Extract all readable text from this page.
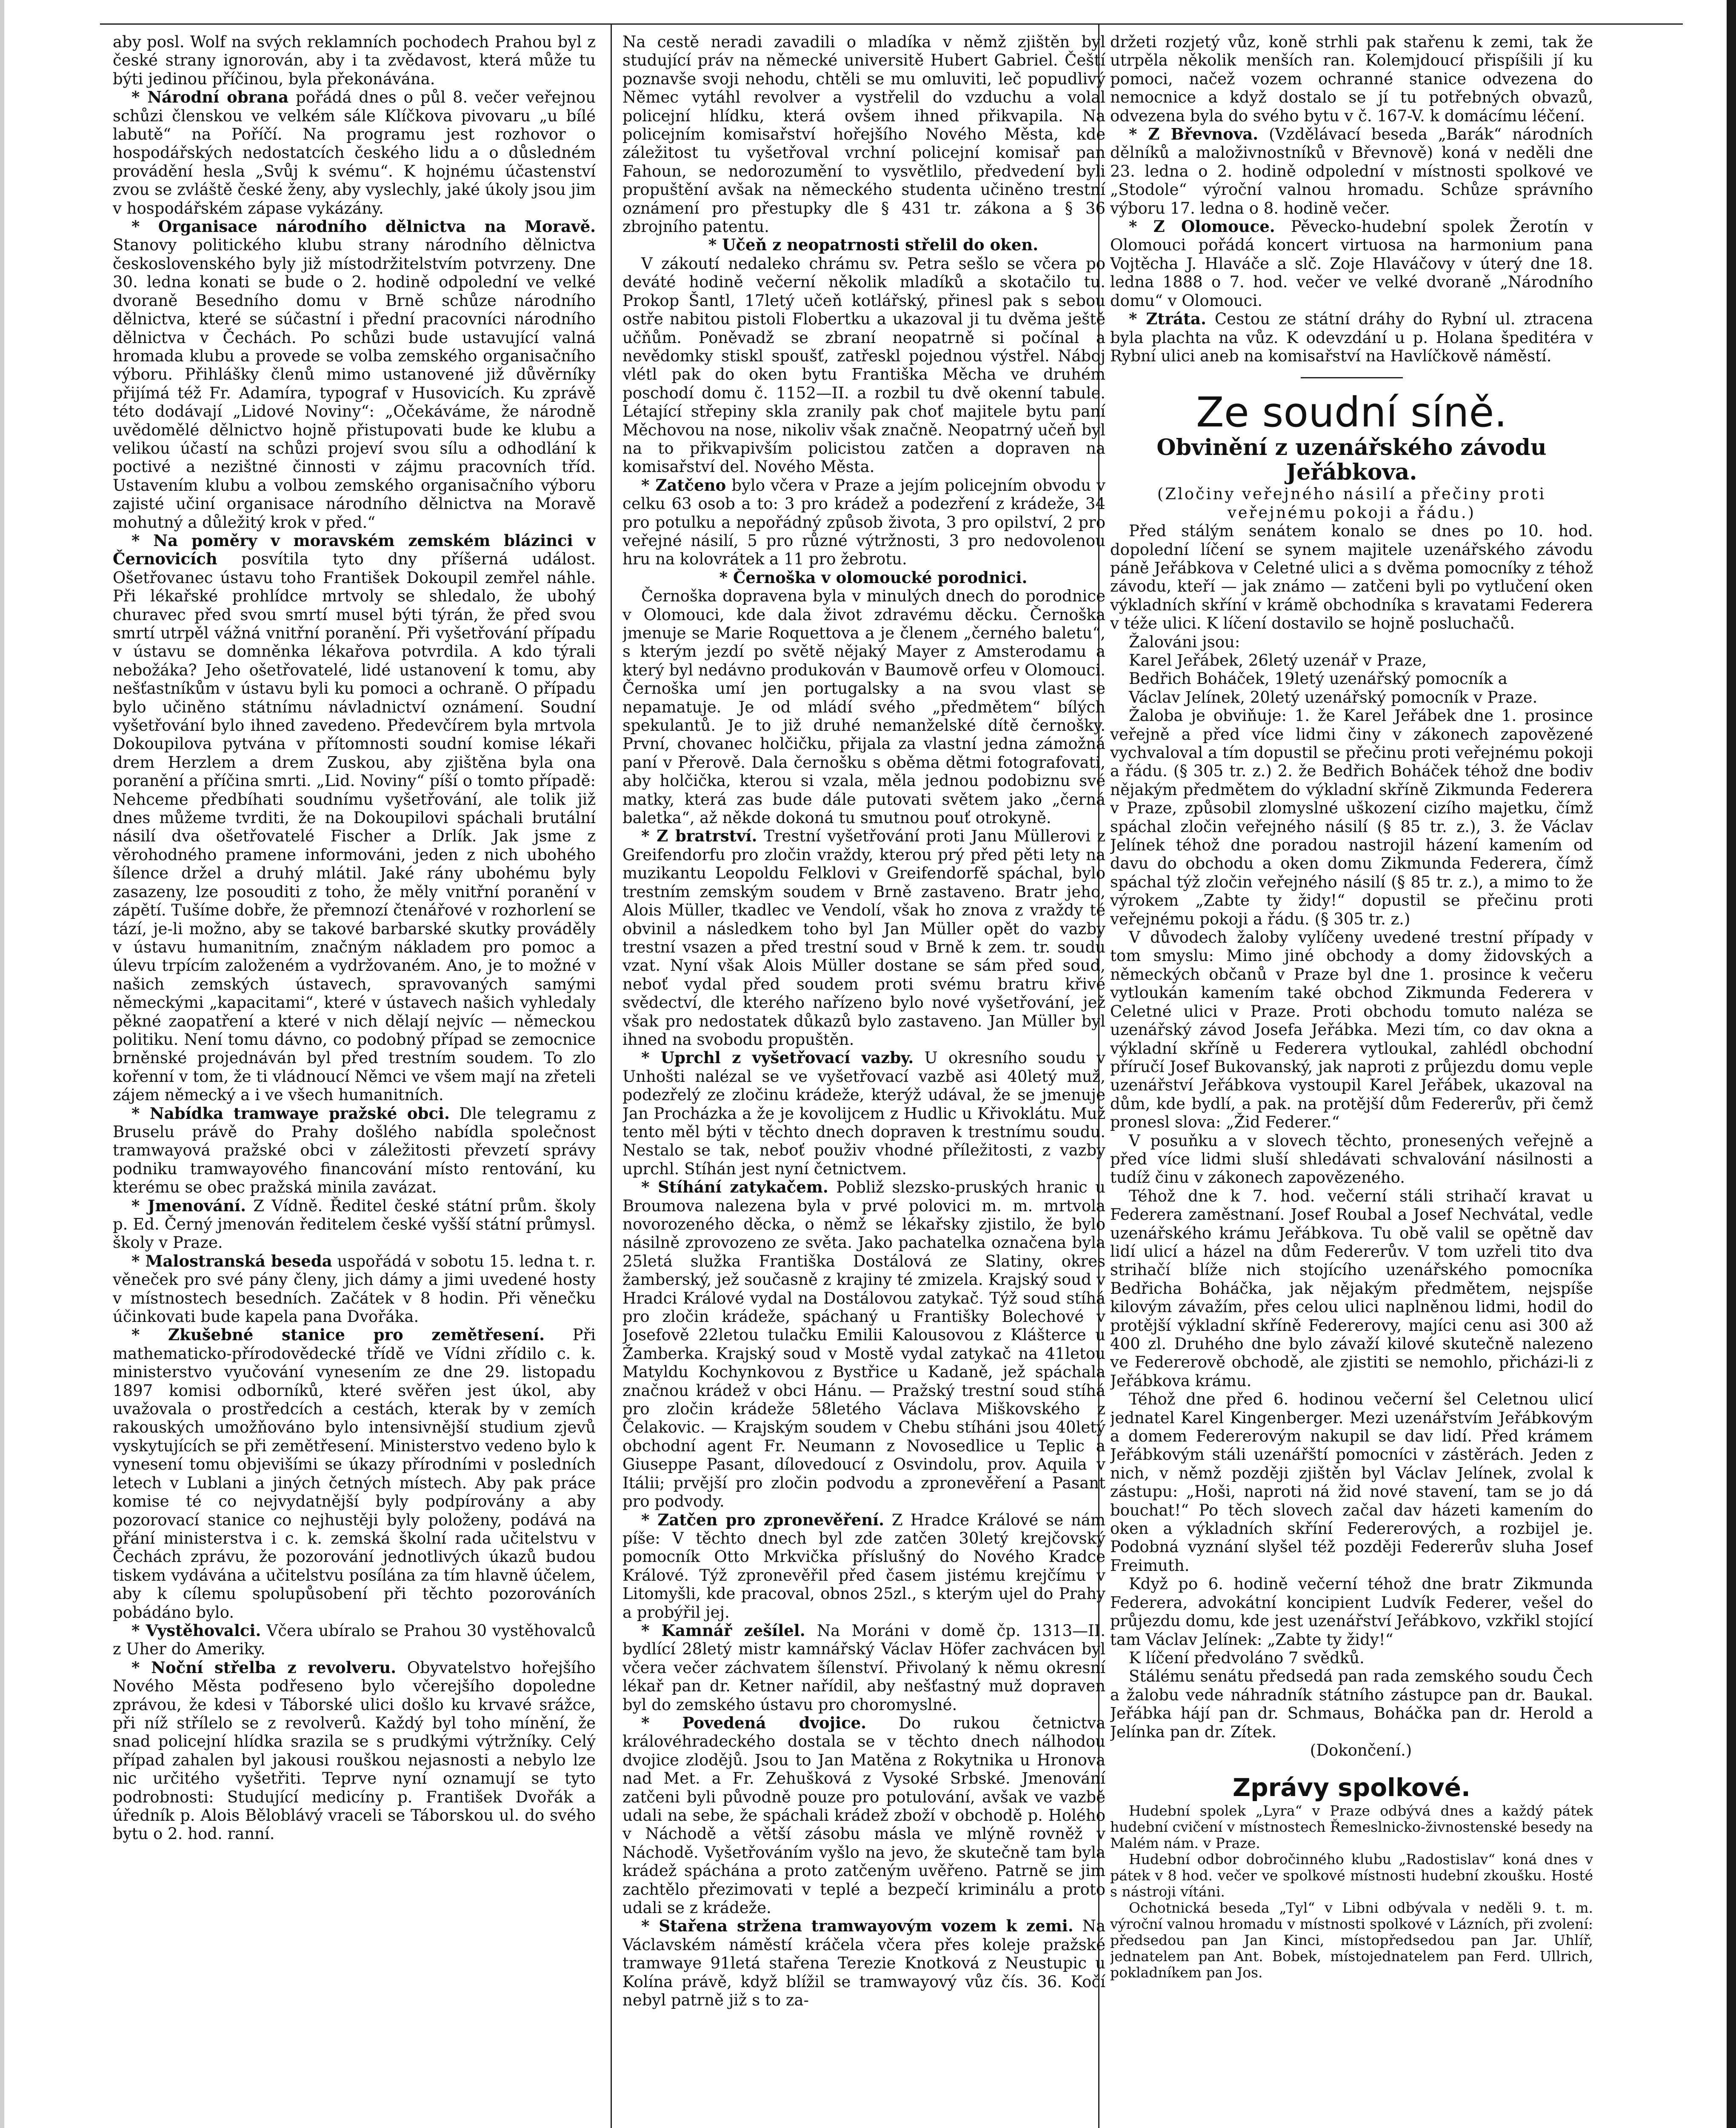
aby posl. Wolf na svých reklamních pochodech Prahou byl z české strany ignorován, aby i ta zvědavost, která může tu býti jedinou příčinou, byla překonávána.

* Národní obrana pořádá dnes o půl 8. večer veřejnou schůzi členskou ve velkém sále Klíčkova pivovaru „u bílé labutě“ na Poříčí. Na programu jest rozhovor o hospodářských nedostatcích českého lidu a o důsledném provádění hesla „Svůj k svému“. K hojnému účastenství zvou se zvláště české ženy, aby vyslechly, jaké úkoly jsou jim v hospodářském zápase vykázány.

* Organisace národního dělnictva na Moravě. Stanovy politického klubu strany národního dělnictva československého byly již místodržitelstvím potvrzeny. Dne 30. ledna konati se bude o 2. hodině odpolední ve velké dvoraně Besedního domu v Brně schůze národního dělnictva, které se súčastní i přední pracovníci národního dělnictva v Čechách. Po schůzi bude ustavující valná hromada klubu a provede se volba zemského organisačního výboru. Přihlášky členů mimo ustanovené již důvěrníky přijímá též Fr. Adamíra, typograf v Husovicích. Ku zprávě této dodávají „Lidové Noviny“: „Očekáváme, že národně uvědomělé dělnictvo hojně přistupovati bude ke klubu a velikou účastí na schůzi projeví svou sílu a odhodlání k poctivé a nezištné činnosti v zájmu pracovních tříd. Ustavením klubu a volbou zemského organisačního výboru zajisté učiní organisace národního dělnictva na Moravě mohutný a důležitý krok v před.“

* Na poměry v moravském zemském blázinci v Černovicích posvítila tyto dny příšerná událost. Ošetřovanec ústavu toho František Dokoupil zemřel náhle. Při lékařské prohlídce mrtvoly se shledalo, že ubohý churavec před svou smrtí musel býti týrán, že před svou smrtí utrpěl vážná vnitřní poranění. Při vyšetřování případu v ústavu se domněnka lékařova potvrdila. A kdo týrali nebožáka? Jeho ošetřovatelé, lidé ustanovení k tomu, aby nešťastníkům v ústavu byli ku pomoci a ochraně. O případu bylo učiněno státnímu návladnictví oznámení. Soudní vyšetřování bylo ihned zavedeno. Předevčírem byla mrtvola Dokoupilova pytvána v přítomnosti soudní komise lékaři drem Herzlem a drem Zuskou, aby zjištěna byla ona poranění a příčina smrti. „Lid. Noviny“ píší o tomto případě: Nehceme předbíhati soudnímu vyšetřování, ale tolik již dnes můžeme tvrditi, že na Dokoupilovi spáchali brutální násilí dva ošetřovatelé Fischer a Drlík. Jak jsme z věrohodného pramene informováni, jeden z nich ubohého šílence držel a druhý mlátil. Jaké rány ubohému byly zasazeny, lze posouditi z toho, že měly vnitřní poranění v zápětí. Tušíme dobře, že přemnozí čtenářové v rozhorlení se tází, je-li možno, aby se takové barbarské skutky prováděly v ústavu humanitním, značným nákladem pro pomoc a úlevu trpícím založeném a vydržovaném. Ano, je to možné v našich zemských ústavech, spravovaných samými německými „kapacitami“, které v ústavech našich vyhledaly pěkné zaopatření a které v nich dělají nejvíc — německou politiku. Není tomu dávno, co podobný případ se zemocnice brněnské projednáván byl před trestním soudem. To zlo kořenní v tom, že ti vládnoucí Němci ve všem mají na zřeteli zájem německý a i ve všech humanitních.

* Nabídka tramwaye pražské obci. Dle telegramu z Bruselu právě do Prahy došlého nabídla společnost tramwayová pražské obci v záležitosti převzetí správy podniku tramwayového financování místo rentování, ku kterému se obec pražská minila zavázat.

* Jmenování. Z Vídně. Ředitel české státní prům. školy p. Ed. Černý jmenován ředitelem české vyšší státní průmysl. školy v Praze.

* Malostranská beseda uspořádá v sobotu 15. ledna t. r. věneček pro své pány členy, jich dámy a jimi uvedené hosty v místnostech besedních. Začátek v 8 hodin. Při věnečku účinkovati bude kapela pana Dvořáka.

* Zkušebné stanice pro zemětřesení. Při mathematicko-přírodovědecké třídě ve Vídni zřídilo c. k. ministerstvo vyučování vynesením ze dne 29. listopadu 1897 komisi odborníků, které svěřen jest úkol, aby uvažovala o prostředcích a cestách, kterak by v zemích rakouských umožňováno bylo intensivnější studium zjevů vyskytujících se při zemětřesení. Ministerstvo vedeno bylo k vynesení tomu objevišími se úkazy přírodními v posledních letech v Lublani a jiných četných místech. Aby pak práce komise té co nejvydatnější byly podpírovány a aby pozorovací stanice co nejhustěji byly položeny, podává na přání ministerstva i c. k. zemská školní rada učitelstvu v Čechách zprávu, že pozorování jednotlivých úkazů budou tiskem vydávána a učitelstvu posílána za tím hlavně účelem, aby k cílemu spolupůsobení při těchto pozorováních pobádáno bylo.

* Vystěhovalci. Včera ubíralo se Prahou 30 vystěhovalců z Uher do Ameriky.

* Noční střelba z revolveru. Obyvatelstvo hořejšího Nového Města podřeseno bylo včerejšího dopoledne zprávou, že kdesi v Táborské ulici došlo ku krvavé srážce, při níž střílelo se z revolverů. Každý byl toho mínění, že snad policejní hlídka srazila se s prudkými výtržníky. Celý případ zahalen byl jakousi rouškou nejasnosti a nebylo lze nic určitého vyšetřiti. Teprve nyní oznamují se tyto podrobnosti: Studující medicíny p. František Dvořák a úředník p. Alois Běloblávý vraceli se Táborskou ul. do svého bytu o 2. hod. ranní.

Na cestě neradi zavadili o mladíka v němž zjištěn byl studující práv na německé universitě Hubert Gabriel. Čeští poznavše svoji nehodu, chtěli se mu omluviti, leč popudlivý Němec vytáhl revolver a vystřelil do vzduchu a volal policejní hlídku, která ovšem ihned přikvapila. Na policejním komisařství hořejšího Nového Města, kde záležitost tu vyšetřoval vrchní policejní komisař pan Fahoun, se nedorozumění to vysvětlilo, předvedení byli propuštění avšak na německého studenta učiněno trestní oznámení pro přestupky dle § 431 tr. zákona a § 36 zbrojního patentu.

* Učeň z neopatrnosti střelil do oken.

V zákoutí nedaleko chrámu sv. Petra sešlo se včera po deváté hodině večerní několik mladíků a skotačilo tu. Prokop Šantl, 17letý učeň kotlářský, přinesl pak s sebou ostře nabitou pistoli Flobertku a ukazoval ji tu dvěma ještě učňům. Poněvadž se zbraní neopatrně si počínal a nevědomky stiskl spoušť, zatřeskl pojednou výstřel. Náboj vlétl pak do oken bytu Františka Měcha ve druhém poschodí domu č. 1152—II. a rozbil tu dvě okenní tabule. Létající střepiny skla zranily pak choť majitele bytu paní Měchovou na nose, nikoliv však značně. Neopatrný učeň byl na to přikvapivším policistou zatčen a dopraven na komisařství del. Nového Města.

* Zatčeno bylo včera v Praze a jejím policejním obvodu v celku 63 osob a to: 3 pro krádež a podezření z krádeže, 34 pro potulku a nepořádný způsob života, 3 pro opilství, 2 pro veřejné násilí, 5 pro různé výtržnosti, 3 pro nedovolenou hru na kolovrátek a 11 pro žebrotu.

* Černoška v olomoucké porodnici.

Černoška dopravena byla v minulých dnech do porodnice v Olomouci, kde dala život zdravému děcku. Černoška jmenuje se Marie Roquettova a je členem „černého baletu“, s kterým jezdí po světě nějaký Mayer z Amsterodamu a který byl nedávno produkován v Baumově orfeu v Olomouci. Černoška umí jen portugalsky a na svou vlast se nepamatuje. Je od mládí svého „předmětem“ bílých spekulantů. Je to již druhé nemanželské dítě černošky. První, chovanec holčičku, přijala za vlastní jedna zámožná paní v Přerově. Dala černošku s oběma dětmi fotografovati, aby holčička, kterou si vzala, měla jednou podobiznu své matky, která zas bude dále putovati světem jako „černá baletka“, až někde dokoná tu smutnou pouť otrokyně.

* Z bratrství. Trestní vyšetřování proti Janu Müllerovi z Greifendorfu pro zločin vraždy, kterou prý před pěti lety na muzikantu Leopoldu Felklovi v Greifendorfě spáchal, bylo trestním zemským soudem v Brně zastaveno. Bratr jeho, Alois Müller, tkadlec ve Vendolí, však ho znova z vraždy té obvinil a následkem toho byl Jan Müller opět do vazby trestní vsazen a před trestní soud v Brně k zem. tr. soudu vzat. Nyní však Alois Müller dostane se sám před soud, neboť vydal před soudem proti svému bratru křivé svědectví, dle kterého nařízeno bylo nové vyšetřování, jež však pro nedostatek důkazů bylo zastaveno. Jan Müller byl ihned na svobodu propuštěn.

* Uprchl z vyšetřovací vazby. U okresního soudu v Unhošti nalézal se ve vyšetřovací vazbě asi 40letý muž, podezřelý ze zločinu krádeže, kterýž udával, že se jmenuje Jan Procházka a že je kovolijcem z Hudlic u Křivoklátu. Muž tento měl býti v těchto dnech dopraven k trestnímu soudu. Nestalo se tak, neboť použiv vhodné příležitosti, z vazby uprchl. Stíhán jest nyní četnictvem.

* Stíhání zatykačem. Pobliž slezsko-pruských hranic u Broumova nalezena byla v prvé polovici m. m. mrtvola novorozeného děcka, o němž se lékařsky zjistilo, že bylo násilně zprovozeno ze světa. Jako pachatelka označena byla 25letá služka Františka Dostálová ze Slatiny, okres žamberský, jež současně z krajiny té zmizela. Krajský soud v Hradci Králové vydal na Dostálovou zatykač. Týž soud stíhá pro zločin krádeže, spáchaný u Františky Bolechové v Josefově 22letou tulačku Emilii Kalousovou z Klášterce u Žamberka. Krajský soud v Mostě vydal zatykač na 41letou Matyldu Kochynkovou z Bystřice u Kadaně, jež spáchala značnou krádež v obci Hánu. — Pražský trestní soud stíhá pro zločin krádeže 58letého Václava Miškovského z Čelakovic. — Krajským soudem v Chebu stíháni jsou 40letý obchodní agent Fr. Neumann z Novosedlice u Teplic a Giuseppe Pasant, dílovedoucí z Osvindolu, prov. Aquila v Itálii; prvější pro zločin podvodu a zpronevěření a Pasant pro podvody.

* Zatčen pro zpronevěření. Z Hradce Králové se nám píše: V těchto dnech byl zde zatčen 30letý krejčovský pomocník Otto Mrkvička příslušný do Nového Kradce Králové. Týž zpronevěřil před časem jistému krejčímu v Litomyšli, kde pracoval, obnos 25zl., s kterým ujel do Prahy a probýřil jej.

* Kamnář zešílel. Na Moráni v domě čp. 1313—II. bydlící 28letý mistr kamnářský Václav Höfer zachvácen byl včera večer záchvatem šílenství. Přivolaný k němu okresní lékař pan dr. Ketner nařídil, aby nešťastný muž dopraven byl do zemského ústavu pro choromyslné.

* Povedená dvojice. Do rukou četnictva královéhradeckého dostala se v těchto dnech nálhodou dvojice zlodějů. Jsou to Jan Matěna z Rokytnika u Hronova nad Met. a Fr. Zehušková z Vysoké Srbské. Jmenování zatčeni byli původně pouze pro potulování, avšak ve vazbě udali na sebe, že spáchali krádež zboží v obchodě p. Holého v Náchodě a větší zásobu másla ve mlýně rovněž v Náchodě. Vyšetřováním vyšlo na jevo, že skutečně tam byla krádež spáchána a proto zatčeným uvěřeno. Patrně se jim zachtělo přezimovati v teplé a bezpečí kriminálu a proto udali se z krádeže.

* Stařena stržena tramwayovým vozem k zemi. Na Václavském náměstí kráčela včera přes koleje pražské tramwaye 91letá stařena Terezie Knotková z Neustupic u Kolína právě, když blížil se tramwayový vůz čís. 36. Kočí nebyl patrně již s to za-

držeti rozjetý vůz, koně strhli pak stařenu k zemi, tak že utrpěla několik menších ran. Kolemjdoucí přispíšili jí ku pomoci, načež vozem ochranné stanice odvezena do nemocnice a když dostalo se jí tu potřebných obvazů, odvezena byla do svého bytu v č. 167-V. k domácímu léčení.

* Z Břevnova. (Vzdělávací beseda „Barák“ národních dělníků a maloživnostníků v Břevnově) koná v neděli dne 23. ledna o 2. hodině odpolední v místnosti spolkové ve „Stodole“ výroční valnou hromadu. Schůze správního výboru 17. ledna o 8. hodině večer.

* Z Olomouce. Pěvecko-hudební spolek Žerotín v Olomouci pořádá koncert virtuosa na harmonium pana Vojtěcha J. Hlaváče a slč. Zoje Hlaváčovy v úterý dne 18. ledna 1888 o 7. hod. večer ve velké dvoraně „Národního domu“ v Olomouci.

* Ztráta. Cestou ze státní dráhy do Rybní ul. ztracena byla plachta na vůz. K odevzdání u p. Holana špeditéra v Rybní ulici aneb na komisařství na Havlíčkově náměstí.

Ze soudní síně.
Obvinění z uzenářského závodu Jeřábkova.

(Zločiny veřejného násilí a přečiny proti veřejnému pokoji a řádu.)

Před stálým senátem konalo se dnes po 10. hod. dopolední líčení se synem majitele uzenářského závodu páně Jeřábkova v Celetné ulici a s dvěma pomocníky z téhož závodu, kteří — jak známo — zatčeni byli po vytlučení oken výkladních skříní v krámě obchodníka s kravatami Federera v téže ulici. K líčení dostavilo se hojně posluchačů.

Žalováni jsou:

Karel Jeřábek, 26letý uzenář v Praze,

Bedřich Boháček, 19letý uzenářský pomocník a

Václav Jelínek, 20letý uzenářský pomocník v Praze.

Žaloba je obviňuje: 1. že Karel Jeřábek dne 1. prosince veřejně a před více lidmi činy v zákonech zapovězené vychvaloval a tím dopustil se přečinu proti veřejnému pokoji a řádu. (§ 305 tr. z.) 2. že Bedřich Boháček téhož dne bodiv nějakým předmětem do výkladní skříně Zikmunda Federera v Praze, způsobil zlomyslné uškození cizího majetku, čímž spáchal zločin veřejného násilí (§ 85 tr. z.), 3. že Václav Jelínek téhož dne poradou nastrojil házení kamením od davu do obchodu a oken domu Zikmunda Federera, čímž spáchal týž zločin veřejného násilí (§ 85 tr. z.), a mimo to že výrokem „Zabte ty židy!“ dopustil se přečinu proti veřejnému pokoji a řádu. (§ 305 tr. z.)

V důvodech žaloby vylíčeny uvedené trestní případy v tom smyslu: Mimo jiné obchody a domy židovských a německých občanů v Praze byl dne 1. prosince k večeru vytloukán kamením také obchod Zikmunda Federera v Celetné ulici v Praze. Proti obchodu tomuto naléza se uzenářský závod Josefa Jeřábka. Mezi tím, co dav okna a výkladní skříně u Federera vytloukal, zahlédl obchodní příručí Josef Bukovanský, jak naproti z průjezdu domu veple uzenářství Jeřábkova vystoupil Karel Jeřábek, ukazoval na dům, kde bydlí, a pak. na protější dům Federerův, při čemž pronesl slova: „Žid Federer.“

V posuňku a v slovech těchto, pronesených veřejně a před více lidmi sluší shledávati schvalování násilnosti a tudíž činu v zákonech zapovězeného.

Téhož dne k 7. hod. večerní stáli strihačí kravat u Federera zaměstnaní. Josef Roubal a Josef Nechvátal, vedle uzenářského krámu Jeřábkova. Tu obě valil se opětně dav lidí ulicí a házel na dům Federerův. V tom uzřeli tito dva strihačí blíže nich stojícího uzenářského pomocníka Bedřicha Boháčka, jak nějakým předmětem, nejspíše kilovým závažím, přes celou ulici naplněnou lidmi, hodil do protější výkladní skříně Federerovy, majíci cenu asi 300 až 400 zl. Druhého dne bylo závaží kilové skutečně nalezeno ve Federerově obchodě, ale zjistiti se nemohlo, přicházi-li z Jeřábkova krámu.

Téhož dne před 6. hodinou večerní šel Celetnou ulicí jednatel Karel Kingenberger. Mezi uzenářstvím Jeřábkovým a domem Federerovým nakupil se dav lidí. Před krámem Jeřábkovým stáli uzenářští pomocníci v zástěrách. Jeden z nich, v němž později zjištěn byl Václav Jelínek, zvolal k zástupu: „Hoši, naproti ná žid nové stavení, tam se jo dá bouchat!“ Po těch slovech začal dav házeti kamením do oken a výkladních skříní Federerových, a rozbijel je. Podobná vyznání slyšel též později Federerův sluha Josef Freimuth.

Když po 6. hodině večerní téhož dne bratr Zikmunda Federera, advokátní koncipient Ludvík Federer, vešel do průjezdu domu, kde jest uzenářství Jeřábkovo, vzkřikl stojící tam Václav Jelínek: „Zabte ty židy!“

K líčení předvoláno 7 svědků.

Stálému senátu předsedá pan rada zemského soudu Čech a žalobu vede náhradník státního zástupce pan dr. Baukal. Jeřábka hájí pan dr. Schmaus, Boháčka pan dr. Herold a Jelínka pan dr. Zítek.

(Dokončení.)

Zprávy spolkové.

Hudební spolek „Lyra“ v Praze odbývá dnes a každý pátek hudební cvičení v místnostech Řemeslnicko-živnostenské besedy na Malém nám. v Praze.

Hudební odbor dobročinného klubu „Radostislav“ koná dnes v pátek v 8 hod. večer ve spolkové místnosti hudební zkoušku. Hosté s nástroji vítáni.

Ochotnická beseda „Tyl“ v Libni odbývala v neděli 9. t. m. výroční valnou hromadu v místnosti spolkové v Lázních, při zvolení: předsedou pan Jan Kinci, místopředsedou pan Jar. Uhlíř, jednatelem pan Ant. Bobek, místojednatelem pan Ferd. Ullrich, pokladníkem pan Jos.
